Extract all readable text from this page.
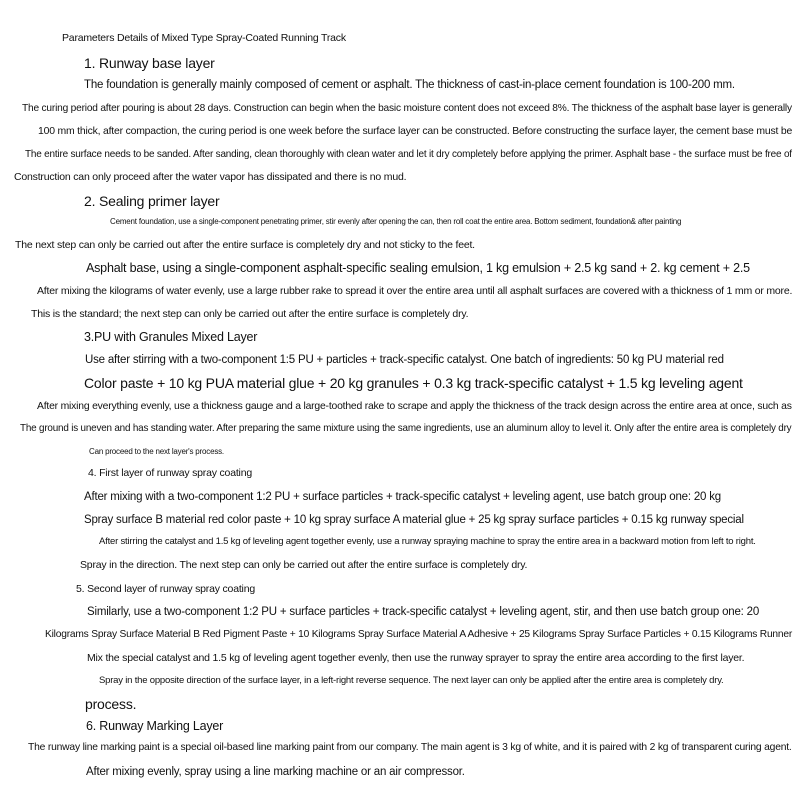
Parameters Details of Mixed Type Spray-Coated Running Track
1. Runway base layer
The foundation is generally mainly composed of cement or asphalt. The thickness of cast-in-place cement foundation is 100-200 mm.
The curing period after pouring is about 28 days. Construction can begin when the basic moisture content does not exceed 8%. The thickness of the asphalt base layer is generally
100 mm thick, after compaction, the curing period is one week before the surface layer can be constructed. Before constructing the surface layer, the cement base must be
The entire surface needs to be sanded. After sanding, clean thoroughly with clean water and let it dry completely before applying the primer. Asphalt base - the surface must be free of
Construction can only proceed after the water vapor has dissipated and there is no mud.
2. Sealing primer layer
Cement foundation, use a single-component penetrating primer, stir evenly after opening the can, then roll coat the entire area. Bottom sediment, foundation& after painting
The next step can only be carried out after the entire surface is completely dry and not sticky to the feet.
Asphalt base, using a single-component asphalt-specific sealing emulsion, 1 kg emulsion + 2.5 kg sand + 2. kg cement + 2.5
After mixing the kilograms of water evenly, use a large rubber rake to spread it over the entire area until all asphalt surfaces are covered with a thickness of 1 mm or more.
This is the standard; the next step can only be carried out after the entire surface is completely dry.
3.PU with Granules Mixed Layer
Use after stirring with a two-component 1:5 PU + particles + track-specific catalyst. One batch of ingredients: 50 kg PU material red
Color paste + 10 kg PUA material glue + 20 kg granules + 0.3 kg track-specific catalyst + 1.5 kg leveling agent
After mixing everything evenly, use a thickness gauge and a large-toothed rake to scrape and apply the thickness of the track design across the entire area at once, such as
The ground is uneven and has standing water. After preparing the same mixture using the same ingredients, use an aluminum alloy to level it. Only after the entire area is completely dry
Can proceed to the next layer's process.
4. First layer of runway spray coating
After mixing with a two-component 1:2 PU + surface particles + track-specific catalyst + leveling agent, use batch group one: 20 kg
Spray surface B material red color paste + 10 kg spray surface A material glue + 25 kg spray surface particles + 0.15 kg runway special
After stirring the catalyst and 1.5 kg of leveling agent together evenly, use a runway spraying machine to spray the entire area in a backward motion from left to right.
Spray in the direction. The next step can only be carried out after the entire surface is completely dry.
5. Second layer of runway spray coating
Similarly, use a two-component 1:2 PU + surface particles + track-specific catalyst + leveling agent, stir, and then use batch group one: 20
Kilograms Spray Surface Material B Red Pigment Paste + 10 Kilograms Spray Surface Material A Adhesive + 25 Kilograms Spray Surface Particles + 0.15 Kilograms Runner
Mix the special catalyst and 1.5 kg of leveling agent together evenly, then use the runway sprayer to spray the entire area according to the first layer.
Spray in the opposite direction of the surface layer, in a left-right reverse sequence. The next layer can only be applied after the entire area is completely dry.
process.
6. Runway Marking Layer
The runway line marking paint is a special oil-based line marking paint from our company. The main agent is 3 kg of white, and it is paired with 2 kg of transparent curing agent.
After mixing evenly, spray using a line marking machine or an air compressor.
